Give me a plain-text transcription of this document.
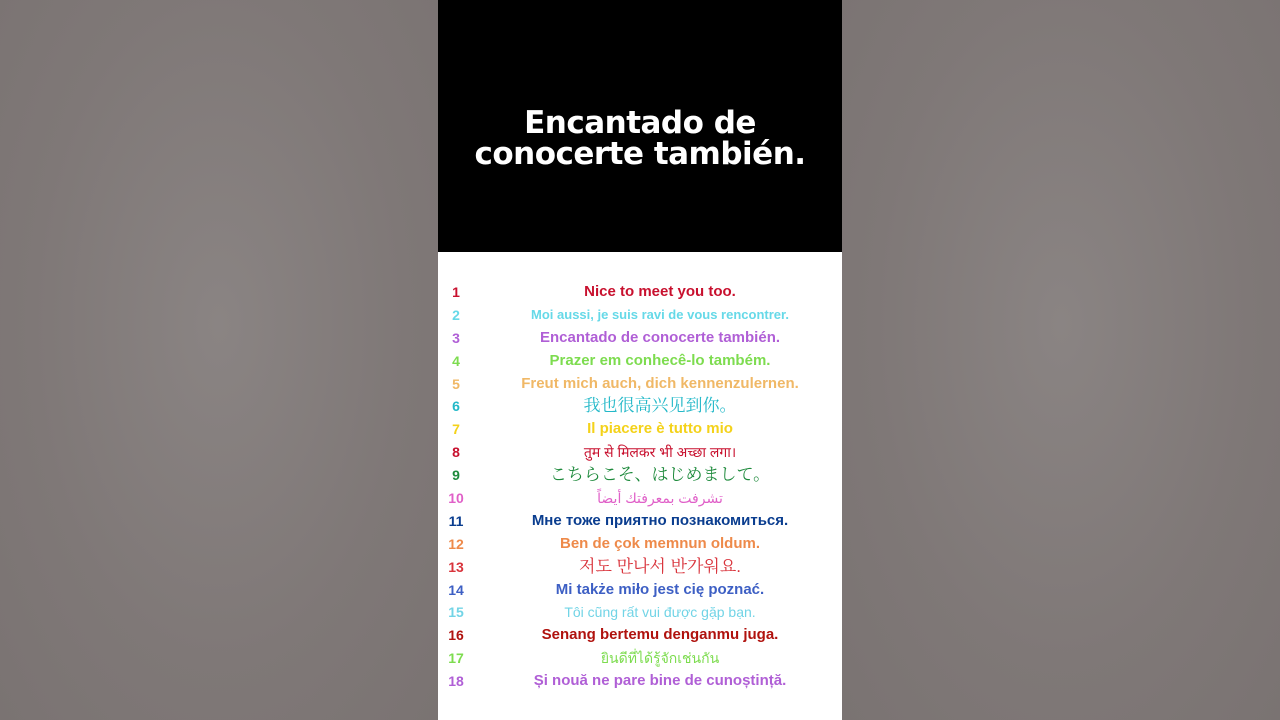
Encantado de
conocerte también.
1	Nice to meet you too.
2	Moi aussi, je suis ravi de vous rencontrer.
3	Encantado de conocerte también.
4	Prazer em conhecê-lo também.
5	Freut mich auch, dich kennenzulernen.
6	我也很高兴见到你。
7	Il piacere è tutto mio
8	तुम से मिलकर भी अच्छा लगा।
9	こちらこそ、はじめまして。
10	تشرفت بمعرفتك أيضاً
11	Мне тоже приятно познакомиться.
12	Ben de çok memnun oldum.
13	저도 만나서 반가워요.
14	Mi także miło jest cię poznać.
15	Tôi cũng rất vui được gặp bạn.
16	Senang bertemu denganmu juga.
17	ยินดีที่ได้รู้จักเช่นกัน
18	Și nouă ne pare bine de cunoștință.
